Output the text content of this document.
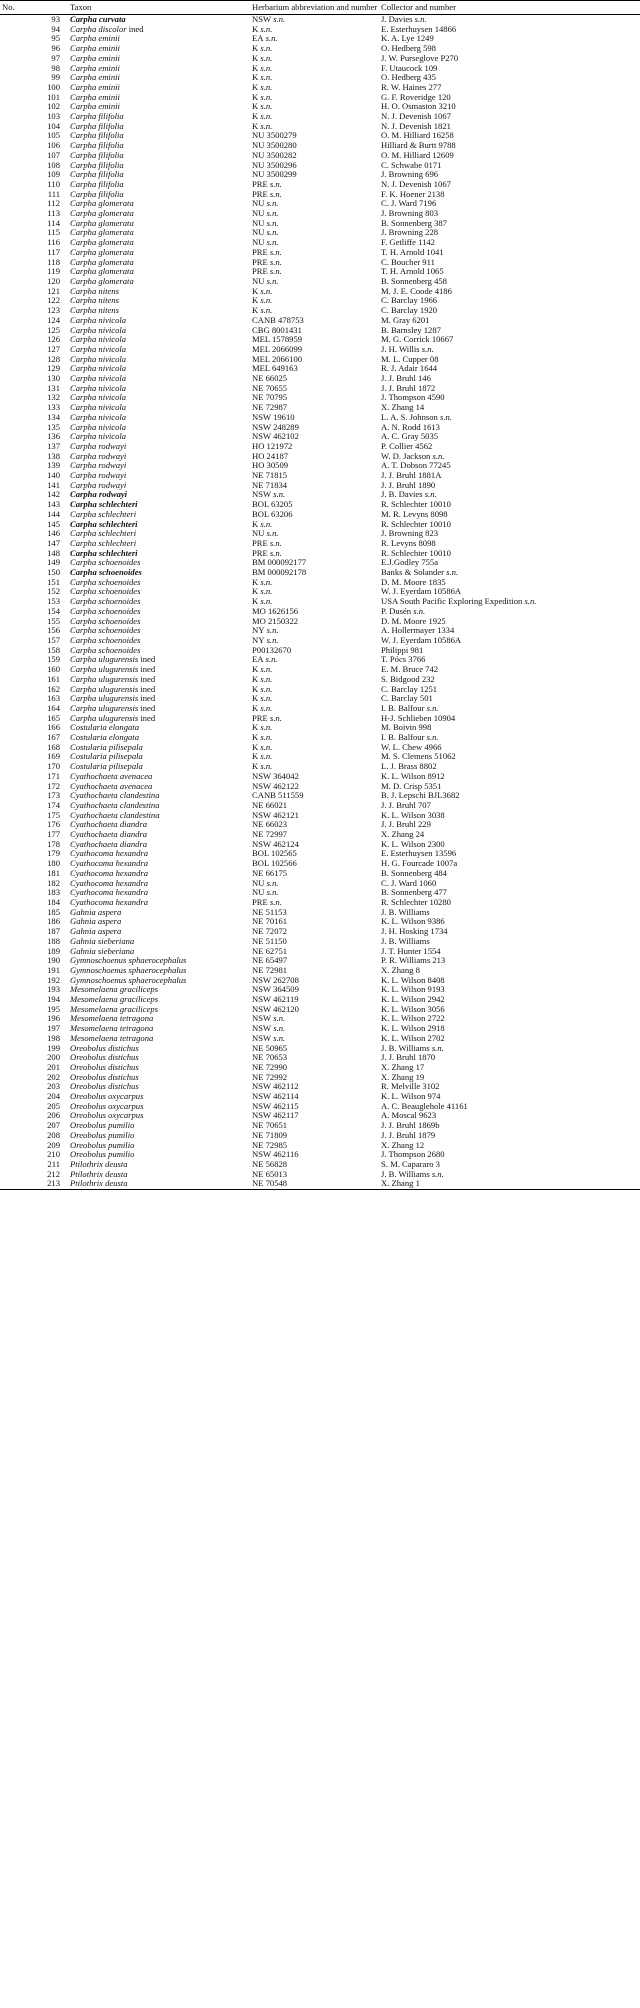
No.	Taxon	Herbarium abbreviation and number	Collector and number
93	Carpha curvata	NSW s.n.	J. Davies s.n.
94	Carpha discolor ined	K s.n.	E. Esterhuysen 14866
95	Carpha eminii	EA s.n.	K. A. Lye 1249
96	Carpha eminii	K s.n.	O. Hedberg 598
97	Carpha eminii	K s.n.	J. W. Purseglove P270
98	Carpha eminii	K s.n.	F. Utaucock 109
99	Carpha eminii	K s.n.	O. Hedberg 435
100	Carpha eminii	K s.n.	R. W. Haines 277
101	Carpha eminii	K s.n.	G. F. Roveridge 120
102	Carpha eminii	K s.n.	H. O. Osmaston 3210
103	Carpha filifolia	K s.n.	N. J. Devenish 1067
104	Carpha filifolia	K s.n.	N. J. Devenish 1821
105	Carpha filifolia	NU 3500279	O. M. Hilliard 16258
106	Carpha filifolia	NU 3500280	Hilliard & Burtt 9788
107	Carpha filifolia	NU 3500282	O. M. Hilliard 12609
108	Carpha filifolia	NU 3500296	C. Schwabe 0171
109	Carpha filifolia	NU 3500299	J. Browning 696
110	Carpha filifolia	PRE s.n.	N. J. Devenish 1067
111	Carpha filifolia	PRE s.n.	F. K. Hoener 2138
112	Carpha glomerata	NU s.n.	C. J. Ward 7196
113	Carpha glomerata	NU s.n.	J. Browning 803
114	Carpha glomerata	NU s.n.	B. Sonnenberg 387
115	Carpha glomerata	NU s.n.	J. Browning 228
116	Carpha glomerata	NU s.n.	F. Getliffe 1142
117	Carpha glomerata	PRE s.n.	T. H. Arnold 1041
118	Carpha glomerata	PRE s.n.	C. Boucher 911
119	Carpha glomerata	PRE s.n.	T. H. Arnold 1065
120	Carpha glomerata	NU s.n.	B. Sonnenberg 458
121	Carpha nitens	K s.n.	M. J. E. Coode 4186
122	Carpha nitens	K s.n.	C. Barclay 1966
123	Carpha nitens	K s.n.	C. Barclay 1920
124	Carpha nivicola	CANB 478753	M. Gray 6201
125	Carpha nivicola	CBG 8001431	B. Barnsley 1287
126	Carpha nivicola	MEL 1578959	M. G. Corrick 10667
127	Carpha nivicola	MEL 2066099	J. H. Willis s.n.
128	Carpha nivicola	MEL 2066100	M. L. Cupper 08
129	Carpha nivicola	MEL 649163	R. J. Adair 1644
130	Carpha nivicola	NE 66025	J. J. Bruhl 146
131	Carpha nivicola	NE 70655	J. J. Bruhl 1872
132	Carpha nivicola	NE 70795	J. Thompson 4590
133	Carpha nivicola	NE 72987	X. Zhang 14
134	Carpha nivicola	NSW 19610	L. A. S. Johnson s.n.
135	Carpha nivicola	NSW 248289	A. N. Rodd 1613
136	Carpha nivicola	NSW 462102	A. C. Gray 5035
137	Carpha rodwayi	HO 121972	P. Collier 4562
138	Carpha rodwayi	HO 24187	W. D. Jackson s.n.
139	Carpha rodwayi	HO 30509	A. T. Dobson 77245
140	Carpha rodwayi	NE 71815	J. J. Bruhl 1881A
141	Carpha rodwayi	NE 71834	J. J. Bruhl 1890
142	Carpha rodwayi	NSW s.n.	J. B. Davies s.n.
143	Carpha schlechteri	BOL 63205	R. Schlechter 10010
144	Carpha schlechteri	BOL 63206	M. R. Levyns 8098
145	Carpha schlechteri	K s.n.	R. Schlechter 10010
146	Carpha schlechteri	NU s.n.	J. Browning 823
147	Carpha schlechteri	PRE s.n.	R. Levyns 8098
148	Carpha schlechteri	PRE s.n.	R. Schlechter 10010
149	Carpha schoenoides	BM 000092177	E.J.Godley 755a
150	Carpha schoenoides	BM 000092178	Banks & Solander s.n.
151	Carpha schoenoides	K s.n.	D. M. Moore 1835
152	Carpha schoenoides	K s.n.	W. J. Eyerdam 10586A
153	Carpha schoenoides	K s.n.	USA South Pacific Exploring Expedition s.n.
154	Carpha schoenoides	MO 1626156	P. Dusén s.n.
155	Carpha schoenoides	MO 2150322	D. M. Moore 1925
156	Carpha schoenoides	NY s.n.	A. Hollermayer 1334
157	Carpha schoenoides	NY s.n.	W. J. Eyerdam 10586A
158	Carpha schoenoides	P00132670	Philippi 981
159	Carpha ulugurensis ined	EA s.n.	T. Pócs 3766
160	Carpha ulugurensis ined	K s.n.	E. M. Bruce 742
161	Carpha ulugurensis ined	K s.n.	S. Bidgood 232
162	Carpha ulugurensis ined	K s.n.	C. Barclay 1251
163	Carpha ulugurensis ined	K s.n.	C. Barclay 501
164	Carpha ulugurensis ined	K s.n.	I. B. Balfour s.n.
165	Carpha ulugurensis ined	PRE s.n.	H-J. Schlieben 10904
166	Costularia elongata	K s.n.	M. Boivin 998
167	Costularia elongata	K s.n.	I. B. Balfour s.n.
168	Costularia pilisepala	K s.n.	W. L. Chew 4966
169	Costularia pilisepala	K s.n.	M. S. Clemens 51062
170	Costularia pilisepala	K s.n.	L. J. Brass 8802
171	Cyathochaeta avenacea	NSW 364042	K. L. Wilson 8912
172	Cyathochaeta avenacea	NSW 462122	M. D. Crisp 5351
173	Cyathochaeta clandestina	CANB 511559	B. J. Lepschi BJL3682
174	Cyathochaeta clandestina	NE 66021	J. J. Bruhl 707
175	Cyathochaeta clandestina	NSW 462121	K. L. Wilson 3038
176	Cyathochaeta diandra	NE 66023	J. J. Bruhl 229
177	Cyathochaeta diandra	NE 72997	X. Zhang 24
178	Cyathochaeta diandra	NSW 462124	K. L. Wilson 2300
179	Cyathocoma hexandra	BOL 102565	E. Esterhuysen 13596
180	Cyathocoma hexandra	BOL 102566	H. G. Fourcade 1007a
181	Cyathocoma hexandra	NE 66175	B. Sonnenberg 484
182	Cyathocoma hexandra	NU s.n.	C. J. Ward 1060
183	Cyathocoma hexandra	NU s.n.	B. Sonnenberg 477
184	Cyathocoma hexandra	PRE s.n.	R. Schlechter 10280
185	Gahnia aspera	NE 51153	J. B. Williams
186	Gahnia aspera	NE 70161	K. L. Wilson 9386
187	Gahnia aspera	NE 72072	J. H. Hosking 1734
188	Gahnia sieberiana	NE 51150	J. B. Williams
189	Gahnia sieberiana	NE 62751	J. T. Hunter 1554
190	Gymnoschoenus sphaerocephalus	NE 65497	P. R. Williams 213
191	Gymnoschoenus sphaerocephalus	NE 72981	X. Zhang 8
192	Gymnoschoenus sphaerocephalus	NSW 262708	K. L. Wilson 8408
193	Mesomelaena graciliceps	NSW 364509	K. L. Wilson 9193
194	Mesomelaena graciliceps	NSW 462119	K. L. Wilson 2942
195	Mesomelaena graciliceps	NSW 462120	K. L. Wilson 3056
196	Mesomelaena tetragona	NSW s.n.	K. L. Wilson 2722
197	Mesomelaena tetragona	NSW s.n.	K. L. Wilson 2918
198	Mesomelaena tetragona	NSW s.n.	K. L. Wilson 2702
199	Oreobolus distichus	NE 50965	J. B. Williams s.n.
200	Oreobolus distichus	NE 70653	J. J. Bruhl 1870
201	Oreobolus distichus	NE 72990	X. Zhang 17
202	Oreobolus distichus	NE 72992	X. Zhang 19
203	Oreobolus distichus	NSW 462112	R. Melville 3102
204	Oreobolus oxycarpus	NSW 462114	K. L. Wilson 974
205	Oreobolus oxycarpus	NSW 462115	A. C. Beauglehole 41161
206	Oreobolus oxycarpus	NSW 462117	A. Moscal 9623
207	Oreobolus pumilio	NE 70651	J. J. Bruhl 1869b
208	Oreobolus pumilio	NE 71809	J. J. Bruhl 1879
209	Oreobolus pumilio	NE 72985	X. Zhang 12
210	Oreobolus pumilio	NSW 462116	J. Thompson 2680
211	Ptilothrix deusta	NE 56828	S. M. Capararo 3
212	Ptilothrix deusta	NE 65013	J. B. Williams s.n.
213	Ptilothrix deusta	NE 70548	X. Zhang 1
